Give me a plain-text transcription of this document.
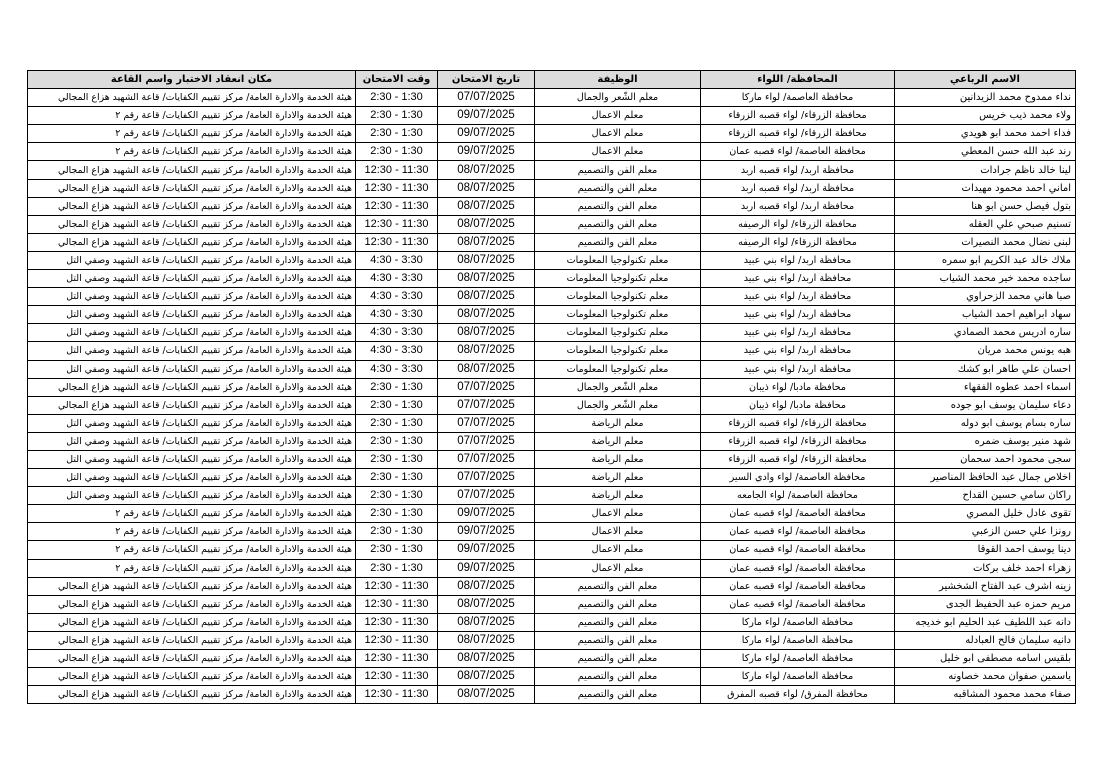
مكان انعقاد الاختبار واسم القاعة	وقت الامتحان	تاريخ الامتحان	الوظيفة	المحافظة/ اللواء	الاسم الرباعي
هيئة الخدمة والادارة العامة/ مركز تقييم الكفايات/ قاعة الشهيد هزاع المجالي	2:30 - 1:30	07/07/2025	معلم الشّعر والجمال	محافظة العاصمة/ لواء ماركا	نداء ممدوح محمد الزيدانين
هيئة الخدمة والادارة العامة/ مركز تقييم الكفايات/ قاعة رقم ٢	2:30 - 1:30	09/07/2025	معلم الاعمال	محافظة الزرقاء/ لواء قصبه الزرقاء	ولاء محمد ذيب خريس
هيئة الخدمة والادارة العامة/ مركز تقييم الكفايات/ قاعة رقم ٢	2:30 - 1:30	09/07/2025	معلم الاعمال	محافظة الزرقاء/ لواء قصبه الزرقاء	فداء احمد محمد ابو هويدي
هيئة الخدمة والادارة العامة/ مركز تقييم الكفايات/ قاعة رقم ٢	2:30 - 1:30	09/07/2025	معلم الاعمال	محافظة العاصمة/ لواء قصبه عمان	رند عبد الله حسن المعطي
هيئة الخدمة والادارة العامة/ مركز تقييم الكفايات/ قاعة الشهيد هزاع المجالي	12:30 - 11:30	08/07/2025	معلم الفن والتصميم	محافظة اربد/ لواء قصبه اربد	لينا خالد ناظم جرادات
هيئة الخدمة والادارة العامة/ مركز تقييم الكفايات/ قاعة الشهيد هزاع المجالي	12:30 - 11:30	08/07/2025	معلم الفن والتصميم	محافظة اربد/ لواء قصبه اربد	اماني احمد محمود مهيدات
هيئة الخدمة والادارة العامة/ مركز تقييم الكفايات/ قاعة الشهيد هزاع المجالي	12:30 - 11:30	08/07/2025	معلم الفن والتصميم	محافظة اربد/ لواء قصبه اربد	بتول فيصل حسن ابو هنا
هيئة الخدمة والادارة العامة/ مركز تقييم الكفايات/ قاعة الشهيد هزاع المجالي	12:30 - 11:30	08/07/2025	معلم الفن والتصميم	محافظة الزرقاء/ لواء الرصيفه	تسنيم صبحي علي العقله
هيئة الخدمة والادارة العامة/ مركز تقييم الكفايات/ قاعة الشهيد هزاع المجالي	12:30 - 11:30	08/07/2025	معلم الفن والتصميم	محافظة الزرقاء/ لواء الرصيفه	لبنى نضال محمد النصيرات
هيئة الخدمة والادارة العامة/ مركز تقييم الكفايات/ قاعة الشهيد وصفي التل	4:30 - 3:30	08/07/2025	معلم تكنولوجيا المعلومات	محافظة اربد/ لواء بني عبيد	ملاك خالد عبد الكريم ابو سمره
هيئة الخدمة والادارة العامة/ مركز تقييم الكفايات/ قاعة الشهيد وصفي التل	4:30 - 3:30	08/07/2025	معلم تكنولوجيا المعلومات	محافظة اربد/ لواء بني عبيد	ساجده محمد خير محمد الشياب
هيئة الخدمة والادارة العامة/ مركز تقييم الكفايات/ قاعة الشهيد وصفي التل	4:30 - 3:30	08/07/2025	معلم تكنولوجيا المعلومات	محافظة اربد/ لواء بني عبيد	صبا هاني محمد الزحراوي
هيئة الخدمة والادارة العامة/ مركز تقييم الكفايات/ قاعة الشهيد وصفي التل	4:30 - 3:30	08/07/2025	معلم تكنولوجيا المعلومات	محافظة اربد/ لواء بني عبيد	سهاد ابراهيم احمد الشياب
هيئة الخدمة والادارة العامة/ مركز تقييم الكفايات/ قاعة الشهيد وصفي التل	4:30 - 3:30	08/07/2025	معلم تكنولوجيا المعلومات	محافظة اربد/ لواء بني عبيد	ساره ادريس محمد الصمادي
هيئة الخدمة والادارة العامة/ مركز تقييم الكفايات/ قاعة الشهيد وصفي التل	4:30 - 3:30	08/07/2025	معلم تكنولوجيا المعلومات	محافظة اربد/ لواء بني عبيد	هبه يونس محمد مريان
هيئة الخدمة والادارة العامة/ مركز تقييم الكفايات/ قاعة الشهيد وصفي التل	4:30 - 3:30	08/07/2025	معلم تكنولوجيا المعلومات	محافظة اربد/ لواء بني عبيد	احسان علي طاهر ابو كشك
هيئة الخدمة والادارة العامة/ مركز تقييم الكفايات/ قاعة الشهيد هزاع المجالي	2:30 - 1:30	07/07/2025	معلم الشّعر والجمال	محافظة مادبا/ لواء ذيبان	اسماء احمد عطوه الفقهاء
هيئة الخدمة والادارة العامة/ مركز تقييم الكفايات/ قاعة الشهيد هزاع المجالي	2:30 - 1:30	07/07/2025	معلم الشّعر والجمال	محافظة مادبا/ لواء ذيبان	دعاء سليمان يوسف ابو جوده
هيئة الخدمة والادارة العامة/ مركز تقييم الكفايات/ قاعة الشهيد وصفي التل	2:30 - 1:30	07/07/2025	معلم الرياضة	محافظة الزرقاء/ لواء قصبه الزرقاء	ساره بسام يوسف ابو دوله
هيئة الخدمة والادارة العامة/ مركز تقييم الكفايات/ قاعة الشهيد وصفي التل	2:30 - 1:30	07/07/2025	معلم الرياضة	محافظة الزرقاء/ لواء قصبه الزرقاء	شهد منير يوسف ضمره
هيئة الخدمة والادارة العامة/ مركز تقييم الكفايات/ قاعة الشهيد وصفي التل	2:30 - 1:30	07/07/2025	معلم الرياضة	محافظة الزرقاء/ لواء قصبه الزرقاء	سجى محمود احمد سحمان
هيئة الخدمة والادارة العامة/ مركز تقييم الكفايات/ قاعة الشهيد وصفي التل	2:30 - 1:30	07/07/2025	معلم الرياضة	محافظة العاصمة/ لواء وادي السير	اخلاص جمال عبد الحافظ المناصير
هيئة الخدمة والادارة العامة/ مركز تقييم الكفايات/ قاعة الشهيد وصفي التل	2:30 - 1:30	07/07/2025	معلم الرياضة	محافظة العاصمة/ لواء الجامعه	راكان سامي حسين القداح
هيئة الخدمة والادارة العامة/ مركز تقييم الكفايات/ قاعة رقم ٢	2:30 - 1:30	09/07/2025	معلم الاعمال	محافظة العاصمة/ لواء قصبه عمان	تقوى عادل خليل المصري
هيئة الخدمة والادارة العامة/ مركز تقييم الكفايات/ قاعة رقم ٢	2:30 - 1:30	09/07/2025	معلم الاعمال	محافظة العاصمة/ لواء قصبه عمان	رونزا علي حسن الزعبي
هيئة الخدمة والادارة العامة/ مركز تقييم الكفايات/ قاعة رقم ٢	2:30 - 1:30	09/07/2025	معلم الاعمال	محافظة العاصمة/ لواء قصبه عمان	دينا يوسف احمد القوقا
هيئة الخدمة والادارة العامة/ مركز تقييم الكفايات/ قاعة رقم ٢	2:30 - 1:30	09/07/2025	معلم الاعمال	محافظة العاصمة/ لواء قصبه عمان	زهراء احمد خلف بركات
هيئة الخدمة والادارة العامة/ مركز تقييم الكفايات/ قاعة الشهيد هزاع المجالي	12:30 - 11:30	08/07/2025	معلم الفن والتصميم	محافظة العاصمة/ لواء قصبه عمان	زينه اشرف عبد الفتاح الشخشير
هيئة الخدمة والادارة العامة/ مركز تقييم الكفايات/ قاعة الشهيد هزاع المجالي	12:30 - 11:30	08/07/2025	معلم الفن والتصميم	محافظة العاصمة/ لواء قصبه عمان	مريم حمزه عبد الحفيظ الجدى
هيئة الخدمة والادارة العامة/ مركز تقييم الكفايات/ قاعة الشهيد هزاع المجالي	12:30 - 11:30	08/07/2025	معلم الفن والتصميم	محافظة العاصمة/ لواء ماركا	دانه عبد اللطيف عبد الحليم ابو خديجه
هيئة الخدمة والادارة العامة/ مركز تقييم الكفايات/ قاعة الشهيد هزاع المجالي	12:30 - 11:30	08/07/2025	معلم الفن والتصميم	محافظة العاصمة/ لواء ماركا	دانيه سليمان فالح العبادله
هيئة الخدمة والادارة العامة/ مركز تقييم الكفايات/ قاعة الشهيد هزاع المجالي	12:30 - 11:30	08/07/2025	معلم الفن والتصميم	محافظة العاصمة/ لواء ماركا	بلقيس اسامه مصطفى ابو خليل
هيئة الخدمة والادارة العامة/ مركز تقييم الكفايات/ قاعة الشهيد هزاع المجالي	12:30 - 11:30	08/07/2025	معلم الفن والتصميم	محافظة العاصمة/ لواء ماركا	ياسمين صفوان محمد خصاونه
هيئة الخدمة والادارة العامة/ مركز تقييم الكفايات/ قاعة الشهيد هزاع المجالي	12:30 - 11:30	08/07/2025	معلم الفن والتصميم	محافظة المفرق/ لواء قصبه المفرق	صفاء محمد محمود المشاقبه
